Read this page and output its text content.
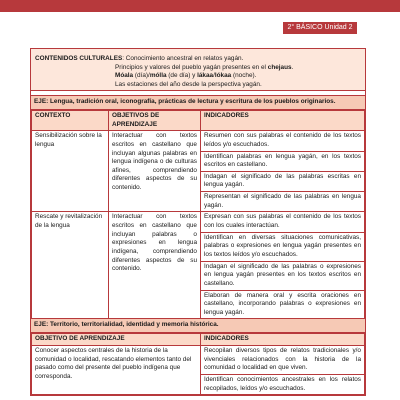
2° BÁSICO Unidad 2
CONTENIDOS CULTURALES: Conocimiento ancestral en relatos yagán.
Principios y valores del pueblo yagán presentes en el chejaus.
Móala (día)/mólla (de día) y lákaa/lókaa (noche).
Las estaciones del año desde la perspectiva yagán.
EJE: Lengua, tradición oral, iconografía, prácticas de lectura y escritura de los pueblos originarios.
CONTEXTO	OBJETIVOS DE APRENDIZAJE	INDICADORES
Sensibilización sobre la lengua	Interactuar con textos escritos en castellano que incluyan algunas palabras en lengua indígena o de culturas afines, comprendiendo diferentes aspectos de su contenido.	Resumen con sus palabras el contenido de los textos leídos y/o escuchados.
		Identifican palabras en lengua yagán, en los textos escritos en castellano.
		Indagan el significado de las palabras escritas en lengua yagán.
		Representan el significado de las palabras en lengua yagán.
Rescate y revitalización de la lengua	Interactuar con textos escritos en castellano que incluyan palabras o expresiones en lengua indígena, comprendiendo diferentes aspectos de su contenido.	Expresan con sus palabras el contenido de los textos con los cuales interactúan.
		Identifican en diversas situaciones comunicativas, palabras o expresiones en lengua yagán presentes en los textos leídos y/o escuchados.
		Indagan el significado de las palabras o expresiones en lengua yagán presentes en los textos escritos en castellano.
		Elaboran de manera oral y escrita oraciones en castellano, incorporando palabras o expresiones en lengua yagán.
EJE: Territorio, territorialidad, identidad y memoria histórica.
OBJETIVO DE APRENDIZAJE	INDICADORES
Conocer aspectos centrales de la historia de la comunidad o localidad, rescatando elementos tanto del pasado como del presente del pueblo indígena que corresponda.	Recopilan diversos tipos de relatos tradicionales y/o vivenciales relacionados con la historia de la comunidad o localidad en que viven.
	Identifican conocimientos ancestrales en los relatos recopilados, leídos y/o escuchados.
